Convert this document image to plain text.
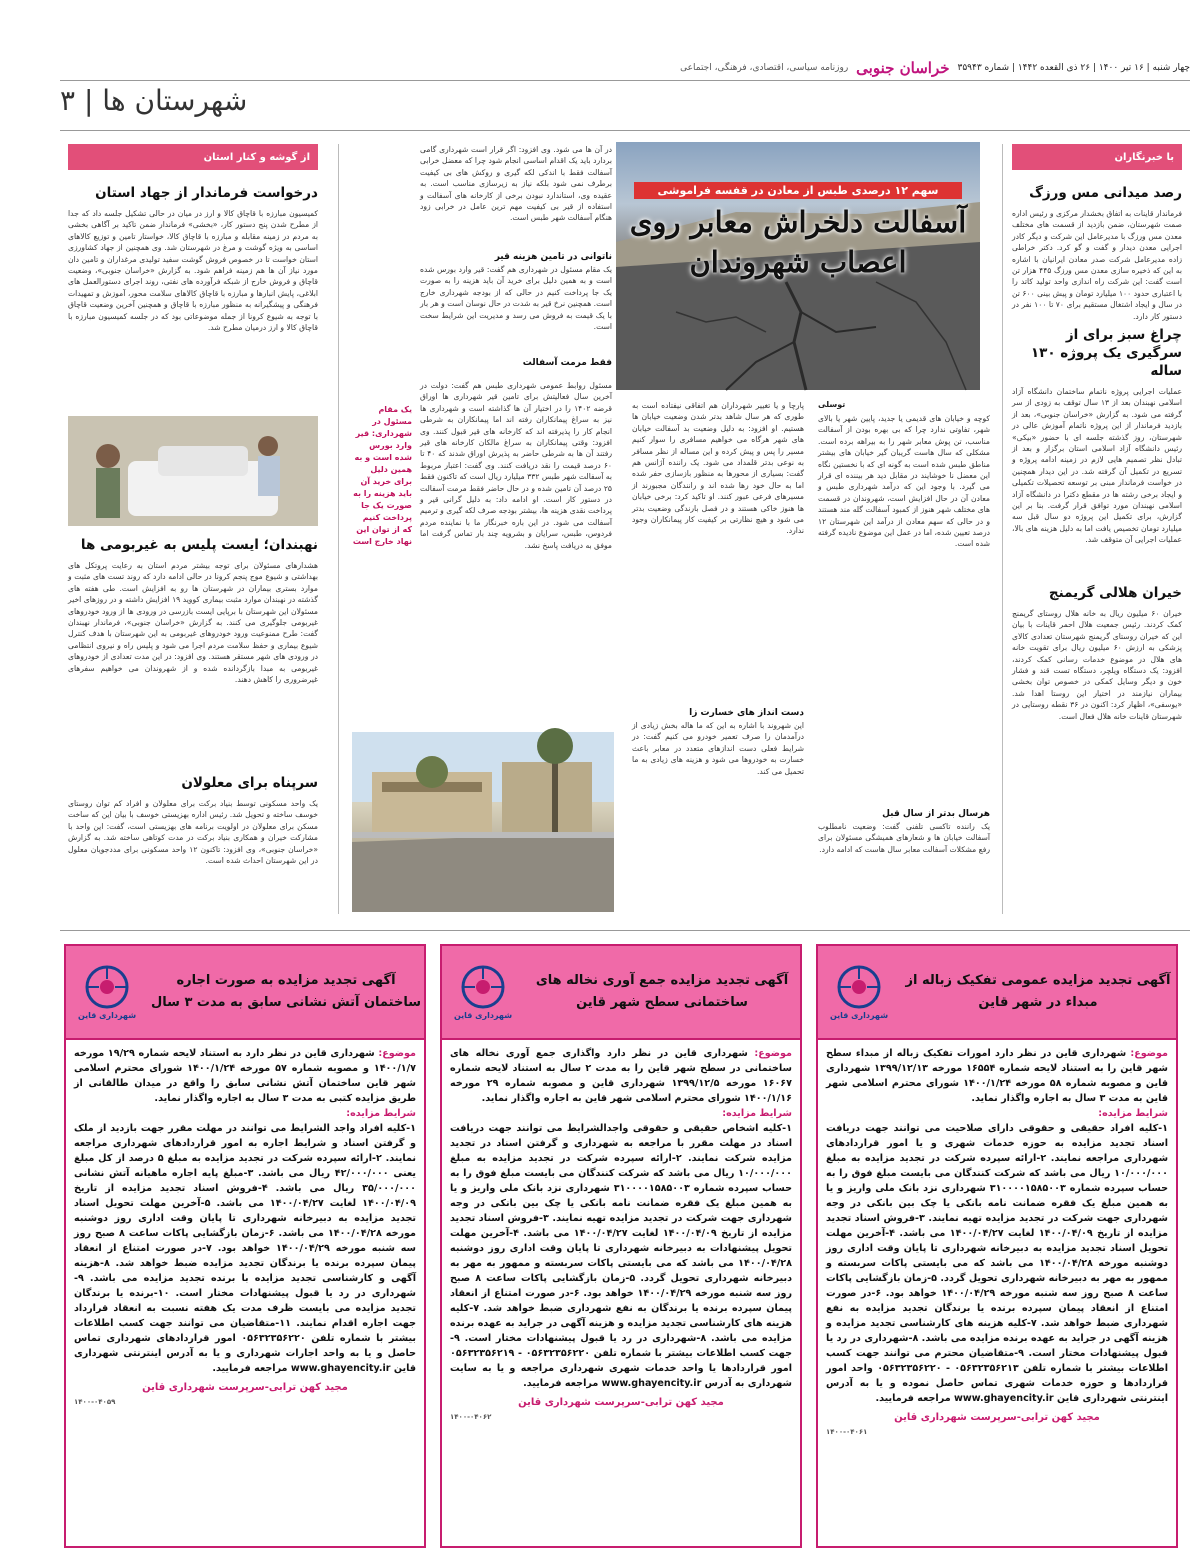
چهار شنبه | ۱۶ تیر ۱۴۰۰ | ۲۶ ذی القعده ۱۴۴۲ | شماره ۳۵۹۴۳
خراسان جنوبی
روزنامه سیاسی، اقتصادی، فرهنگی، اجتماعی
شهرستان ها | ۳
با خبرنگاران
رصد میدانی مس ورزگ
فرماندار قاینات به اتفاق بخشدار مرکزی و رئیس اداره صمت شهرستان، ضمن بازدید از قسمت های مختلف معدن مس ورزگ با مدیرعامل این شرکت و دیگر کادر اجرایی معدن دیدار و گفت و گو کرد. دکتر خراطی زاده مدیرعامل شرکت صدر معادن ایرانیان با اشاره به این که ذخیره سازی معدن مس ورزگ ۴۴۵ هزار تن است گفت: این شرکت راه اندازی واحد تولید کاتد را با اعتباری حدود ۱۰۰ میلیارد تومان و پیش بینی ۶۰۰ تن در سال و ایجاد اشتغال مستقیم برای ۷۰ تا ۱۰۰ نفر در دستور کار دارد.
چراغ سبز برای از سرگیری یک پروژه ۱۳۰ ساله
عملیات اجرایی پروژه ناتمام ساختمان دانشگاه آزاد اسلامی نهبندان بعد از ۱۳ سال توقف به زودی از سر گرفته می شود. به گزارش «خراسان جنوبی»، بعد از بازدید فرماندار از این پروژه ناتمام آموزش عالی در شهرستان، روز گذشته جلسه ای با حضور «بیکی» رئیس دانشگاه آزاد اسلامی استان برگزار و بعد از تبادل نظر تصمیم هایی لازم در زمینه ادامه پروژه و تسریع در تکمیل آن گرفته شد. در این دیدار همچنین در خواست فرماندار مبنی بر توسعه تحصیلات تکمیلی و ایجاد برخی رشته ها در مقطع دکترا در دانشگاه آزاد اسلامی نهبندان مورد توافق قرار گرفت. بنا بر این گزارش، برای تکمیل این پروژه دو سال قبل سه میلیارد تومان تخصیص یافت اما به دلیل هزینه های بالا، عملیات اجرایی آن متوقف شد.
خیران هلالی گریمنج
خیران ۶۰ میلیون ریال به خانه هلال روستای گریمنج کمک کردند. رئیس جمعیت هلال احمر قاینات با بیان این که خیران روستای گریمنج شهرستان تعدادی کالای پزشکی به ارزش ۶۰ میلیون ریال برای تقویت خانه های هلال در موضوع خدمات رسانی کمک کردند، افزود: یک دستگاه ویلچر، دستگاه تست قند و فشار خون و دیگر وسایل کمکی در خصوص توان بخشی بیماران نیازمند در اختیار این روستا اهدا شد. «یوسفی»، اظهار کرد: اکنون در ۳۶ نقطه روستایی در شهرستان قاینات خانه هلال فعال است.
سهم ۱۲ درصدی طبس از معادن در قفسه فراموشی
آسفالت دلخراش معابر روی
اعصاب شهروندان
توسلی
کوچه و خیابان های قدیمی یا جدید، پایین شهر یا بالای شهر، تفاوتی ندارد چرا که بی بهره بودن از آسفالت مناسب، تن پوش معابر شهر را به بیراهه برده است. مشکلی که سال هاست گریبان گیر خیابان های بیشتر مناطق طبس شده است به گونه ای که با نخستین نگاه این معضل نا خوشایند در مقابل دید هر بیننده ای قرار می گیرد. با وجود این که درآمد شهرداری طبس و معادن آن در حال افزایش است، شهروندان در قسمت های مختلف شهر هنوز از کمبود آسفالت گله مند هستند و در حالی که سهم معادن از درآمد این شهرستان ۱۲ درصد تعیین شده، اما در عمل این موضوع نادیده گرفته شده است.
هرسال بدتر از سال قبل
یک راننده تاکسی تلفنی گفت: وضعیت نامطلوب آسفالت خیابان ها و شعارهای همیشگی مسئولان برای رفع مشکلات آسفالت معابر سال هاست که ادامه دارد.
پارچا و یا تغییر شهرداران هم اتفاقی نیفتاده است به طوری که هر سال شاهد بدتر شدن وضعیت خیابان ها هستیم. او افزود: به دلیل وضعیت بد آسفالت خیابان های شهر هرگاه می خواهیم مسافری را سوار کنیم مسیر را پس و پیش کرده و این مساله از نظر مسافر به نوعی بدتر قلمداد می شود. یک راننده آژانس هم گفت: بسیاری از محورها به منظور بازسازی حفر شده اما به حال خود رها شده اند و رانندگان مجبورند از مسیرهای فرعی عبور کنند. او تاکید کرد: برخی خیابان ها هنوز خاکی هستند و در فصل بارندگی وضعیت بدتر می شود و هیچ نظارتی بر کیفیت کار پیمانکاران وجود ندارد.
دست انداز های خسارت زا
این شهروند با اشاره به این که ما هاله بخش زیادی از درآمدمان را صرف تعمیر خودرو می کنیم گفت: در شرایط فعلی دست اندازهای متعدد در معابر باعث خسارت به خودروها می شود و هزینه های زیادی به ما تحمیل می کند.
در آن ها می شود. وی افزود: اگر قرار است شهرداری گامی بردارد باید یک اقدام اساسی انجام شود چرا که معضل خرابی آسفالت فقط با اندکی لکه گیری و روکش های بی کیفیت برطرف نمی شود بلکه نیاز به زیرسازی مناسب است. به عقیده وی، استاندارد نبودن برخی از کارخانه های آسفالت و استفاده از قیر بی کیفیت مهم ترین عامل در خرابی زود هنگام آسفالت شهر طبس است.
ناتوانی در تامین هزینه قیر
یک مقام مسئول در شهرداری هم گفت: قیر وارد بورس شده است و به همین دلیل برای خرید آن باید هزینه را به صورت یک جا پرداخت کنیم در حالی که از بودجه شهرداری خارج است. همچنین نرخ قیر به شدت در حال نوسان است و هر بار با یک قیمت به فروش می رسد و مدیریت این شرایط سخت است.
فقط مرمت آسفالت
مسئول روابط عمومی شهرداری طبس هم گفت: دولت در آخرین سال فعالیتش برای تامین قیر شهرداری ها اوراق قرضه ۱۴۰۲ را در اختیار آن ها گذاشته است و شهرداری ها نیز به سراغ پیمانکاران رفته اند اما پیمانکاران به شرطی انجام کار را پذیرفته اند که کارخانه های قیر قبول کنند. وی افزود: وقتی پیمانکاران به سراغ مالکان کارخانه های قیر رفتند آن ها به شرطی حاضر به پذیرش اوراق شدند که ۴۰ تا ۶۰ درصد قیمت را نقد دریافت کنند. وی گفت: اعتبار مربوط به آسفالت شهر طبس ۳۳۲ میلیارد ریال است که تاکنون فقط ۲۵ درصد آن تامین شده و در حال حاضر فقط مرمت آسفالت در دستور کار است. او ادامه داد: به دلیل گرانی قیر و پرداخت نقدی هزینه ها، بیشتر بودجه صرف لکه گیری و ترمیم آسفالت می شود. در این باره خبرنگار ما با نماینده مردم فردوس، طبس، سرایان و بشرویه چند بار تماس گرفت اما موفق به دریافت پاسخ نشد.
یک مقام مسئول در شهرداری: قیر وارد بورس شده است و به همین دلیل برای خرید آن باید هزینه را به صورت یک جا پرداخت کنیم که از توان این نهاد خارج است
از گوشه و کنار استان
درخواست فرماندار از جهاد استان
کمیسیون مبارزه با قاچاق کالا و ارز در میان در حالی تشکیل جلسه داد که جدا از مطرح شدن پنج دستور کار، «بخشی» فرماندار ضمن تاکید بر آگاهی بخشی به مردم در زمینه مقابله و مبارزه با قاچاق کالا، خواستار تامین و توزیع کالاهای اساسی به ویژه گوشت و مرغ در شهرستان شد. وی همچنین از جهاد کشاورزی استان خواست تا در خصوص فروش گوشت سفید تولیدی مرغداران و تامین دان مورد نیاز آن ها هم زمینه فراهم شود. به گزارش «خراسان جنوبی»، وضعیت قاچاق و فروش خارج از شبکه فرآورده های نفتی، روند اجرای دستورالعمل های ابلاغی، پایش انبارها و مبارزه با قاچاق کالاهای سلامت محور، آموزش و تمهیدات فرهنگی و پیشگیرانه به منظور مبارزه با قاچاق و همچنین آخرین وضعیت قاچاق با توجه به شیوع کرونا از جمله موضوعاتی بود که در جلسه کمیسیون مبارزه با قاچاق کالا و ارز درمیان مطرح شد.
نهبندان؛ ایست پلیس به غیربومی ها
هشدارهای مسئولان برای توجه بیشتر مردم استان به رعایت پروتکل های بهداشتی و شیوع موج پنجم کرونا در حالی ادامه دارد که روند تست های مثبت و موارد بستری بیماران در شهرستان ها رو به افزایش است. طی هفته های گذشته در نهبندان موارد مثبت بیماری کووید ۱۹ افزایش داشته و در روزهای اخیر مسئولان این شهرستان با برپایی ایست بازرسی در ورودی ها از ورود خودروهای غیربومی جلوگیری می کنند. به گزارش «خراسان جنوبی»، فرماندار نهبندان گفت: طرح ممنوعیت ورود خودروهای غیربومی به این شهرستان با هدف کنترل شیوع بیماری و حفظ سلامت مردم اجرا می شود و پلیس راه و نیروی انتظامی در ورودی های شهر مستقر هستند. وی افزود: در این مدت تعدادی از خودروهای غیربومی به مبدا بازگردانده شده و از شهروندان می خواهیم سفرهای غیرضروری را کاهش دهند.
سرپناه برای معلولان
یک واحد مسکونی توسط بنیاد برکت برای معلولان و افراد کم توان روستای خوسف ساخته و تحویل شد. رئیس اداره بهزیستی خوسف با بیان این که ساخت مسکن برای معلولان در اولویت برنامه های بهزیستی است، گفت: این واحد با مشارکت خیران و همکاری بنیاد برکت در مدت کوتاهی ساخته شد. به گزارش «خراسان جنوبی»، وی افزود: تاکنون ۱۲ واحد مسکونی برای مددجویان معلول در این شهرستان احداث شده است.
آگهی تجدید مزایده عمومی تفکیک زباله از مبداء در شهر قاین
شهرداری قاین
موضوع: شهرداری قاین در نظر دارد امورات تفکیک زباله از مبداء سطح شهر قاین را به استناد لایحه شماره ۱۶۵۵۴ مورخه ۱۳۹۹/۱۲/۱۳ شهرداری قاین و مصوبه شماره ۵۸ مورخه ۱۴۰۰/۱/۲۴ شورای محترم اسلامی شهر قاین به مدت ۳ سال به اجاره واگذار نماید.
شرایط مزایده:
۱-کلیه افراد حقیقی و حقوقی دارای صلاحیت می توانند جهت دریافت اسناد تجدید مزایده به حوزه خدمات شهری و یا امور قراردادهای شهرداری مراجعه نمایند. ۲-ارائه سپرده شرکت در تجدید مزایده به مبلغ ۱۰/۰۰۰/۰۰۰ ریال می باشد که شرکت کنندگان می بایست مبلغ فوق را به حساب سپرده شماره ۳۱۰۰۰۰۱۵۸۵۰۰۳ شهرداری نزد بانک ملی واریز و یا به همین مبلغ یک فقره ضمانت نامه بانکی یا چک بین بانکی در وجه شهرداری جهت شرکت در تجدید مزایده تهیه نمایند. ۳-فروش اسناد تجدید مزایده از تاریخ ۱۴۰۰/۰۴/۰۹ لغایت ۱۴۰۰/۰۴/۲۷ می باشد. ۴-آخرین مهلت تحویل اسناد تجدید مزایده به دبیرخانه شهرداری تا پایان وقت اداری روز دوشنبه مورخه ۱۴۰۰/۰۴/۲۸ می باشد که می بایستی پاکات سربسته و ممهور به مهر به دبیرخانه شهرداری تحویل گردد. ۵-زمان بازگشایی پاکات ساعت ۸ صبح روز سه شنبه مورخه ۱۴۰۰/۰۴/۲۹ خواهد بود. ۶-در صورت امتناع از انعقاد پیمان سپرده برنده یا برندگان تجدید مزایده به نفع شهرداری ضبط خواهد شد. ۷-کلیه هزینه های کارشناسی تجدید مزایده و هزینه آگهی در جراید به عهده برنده مزایده می باشد. ۸-شهرداری در رد یا قبول پیشنهادات مختار است. ۹-متقاضیان محترم می توانند جهت کسب اطلاعات بیشتر با شماره تلفن ۰۵۶۳۲۳۵۶۲۱۳ - ۰۵۶۳۲۳۵۶۲۲۰ واحد امور قراردادها و حوزه خدمات شهری تماس حاصل نموده و یا به آدرس اینترنتی شهرداری قاین www.ghayencity.ir مراجعه فرمایید.
مجید کهن ترابی-سرپرست شهرداری قاین
۱۴۰۰-۰۴۰۶۱
آگهی تجدید مزایده جمع آوری نخاله های ساختمانی سطح شهر قاین
شهرداری قاین
موضوع: شهرداری قاین در نظر دارد واگذاری جمع آوری نخاله های ساختمانی در سطح شهر قاین را به مدت ۲ سال به استناد لایحه شماره ۱۶۰۶۷ مورخه ۱۳۹۹/۱۲/۵ شهرداری قاین و مصوبه شماره ۲۹ مورخه ۱۴۰۰/۱/۱۶ شورای محترم اسلامی شهر قاین به اجاره واگذار نماید.
شرایط مزایده:
۱-کلیه اشخاص حقیقی و حقوقی واجدالشرایط می توانند جهت دریافت اسناد در مهلت مقرر با مراجعه به شهرداری و گرفتن اسناد در تجدید مزایده شرکت نمایند. ۲-ارائه سپرده شرکت در تجدید مزایده به مبلغ ۱۰/۰۰۰/۰۰۰ ریال می باشد که شرکت کنندگان می بایست مبلغ فوق را به حساب سپرده شماره ۳۱۰۰۰۰۱۵۸۵۰۰۳ شهرداری نزد بانک ملی واریز و یا به همین مبلغ یک فقره ضمانت نامه بانکی یا چک بین بانکی در وجه شهرداری جهت شرکت در تجدید مزایده تهیه نمایند. ۳-فروش اسناد تجدید مزایده از تاریخ ۱۴۰۰/۰۴/۰۹ لغایت ۱۴۰۰/۰۴/۲۷ می باشد. ۴-آخرین مهلت تحویل پیشنهادات به دبیرخانه شهرداری تا پایان وقت اداری روز دوشنبه ۱۴۰۰/۰۴/۲۸ می باشد که می بایستی پاکات سربسته و ممهور به مهر به دبیرخانه شهرداری تحویل گردد. ۵-زمان بازگشایی پاکات ساعت ۸ صبح روز سه شنبه مورخه ۱۴۰۰/۰۴/۲۹ خواهد بود. ۶-در صورت امتناع از انعقاد پیمان سپرده برنده یا برندگان به نفع شهرداری ضبط خواهد شد. ۷-کلیه هزینه های کارشناسی تجدید مزایده و هزینه آگهی در جراید به عهده برنده مزایده می باشد. ۸-شهرداری در رد یا قبول پیشنهادات مختار است. ۹-جهت کسب اطلاعات بیشتر با شماره تلفن ۰۵۶۳۲۳۵۶۲۲۰ - ۰۵۶۳۲۳۵۶۲۱۹ امور قراردادها یا واحد خدمات شهری شهرداری مراجعه و یا به سایت شهرداری به آدرس www.ghayencity.ir مراجعه فرمایید.
مجید کهن ترابی-سرپرست شهرداری قاین
۱۴۰۰-۰۴۰۶۲
آگهی تجدید مزایده به صورت اجاره ساختمان آتش نشانی سابق به مدت ۳ سال
شهرداری قاین
موضوع: شهرداری قاین در نظر دارد به استناد لایحه شماره ۱۹/۲۹ مورخه ۱۴۰۰/۱/۷ و مصوبه شماره ۵۷ مورخه ۱۴۰۰/۱/۲۴ شورای محترم اسلامی شهر قاین ساختمان آتش نشانی سابق را واقع در میدان طالقانی از طریق مزایده کتبی به مدت ۳ سال به اجاره واگذار نماید.
شرایط مزایده:
۱-کلیه افراد واجد الشرایط می توانند در مهلت مقرر جهت بازدید از ملک و گرفتن اسناد و شرایط اجاره به امور قراردادهای شهرداری مراجعه نمایند. ۲-ارائه سپرده شرکت در تجدید مزایده به مبلغ ۵ درصد از کل مبلغ یعنی ۴۲/۰۰۰/۰۰۰ ریال می باشد. ۳-مبلغ پایه اجاره ماهیانه آتش نشانی ۳۵/۰۰۰/۰۰۰ ریال می باشد. ۴-فروش اسناد تجدید مزایده از تاریخ ۱۴۰۰/۰۴/۰۹ لغایت ۱۴۰۰/۰۴/۲۷ می باشد. ۵-آخرین مهلت تحویل اسناد تجدید مزایده به دبیرخانه شهرداری تا پایان وقت اداری روز دوشنبه مورخه ۱۴۰۰/۰۴/۲۸ می باشد. ۶-زمان بازگشایی پاکات ساعت ۸ صبح روز سه شنبه مورخه ۱۴۰۰/۰۴/۲۹ خواهد بود. ۷-در صورت امتناع از انعقاد پیمان سپرده برنده یا برندگان تجدید مزایده ضبط خواهد شد. ۸-هزینه آگهی و کارشناسی تجدید مزایده با برنده تجدید مزایده می باشد. ۹-شهرداری در رد یا قبول پیشنهادات مختار است. ۱۰-برنده یا برندگان تجدید مزایده می بایست ظرف مدت یک هفته نسبت به انعقاد قرارداد جهت اجاره اقدام نمایند. ۱۱-متقاضیان می توانند جهت کسب اطلاعات بیشتر با شماره تلفن ۰۵۶۳۲۳۵۶۲۲۰ امور قراردادهای شهرداری تماس حاصل و یا به واحد اجارات شهرداری و یا به آدرس اینترنتی شهرداری قاین www.ghayencity.ir مراجعه فرمایید.
مجید کهن ترابی-سرپرست شهرداری قاین
۱۴۰۰-۰۴۰۵۹
